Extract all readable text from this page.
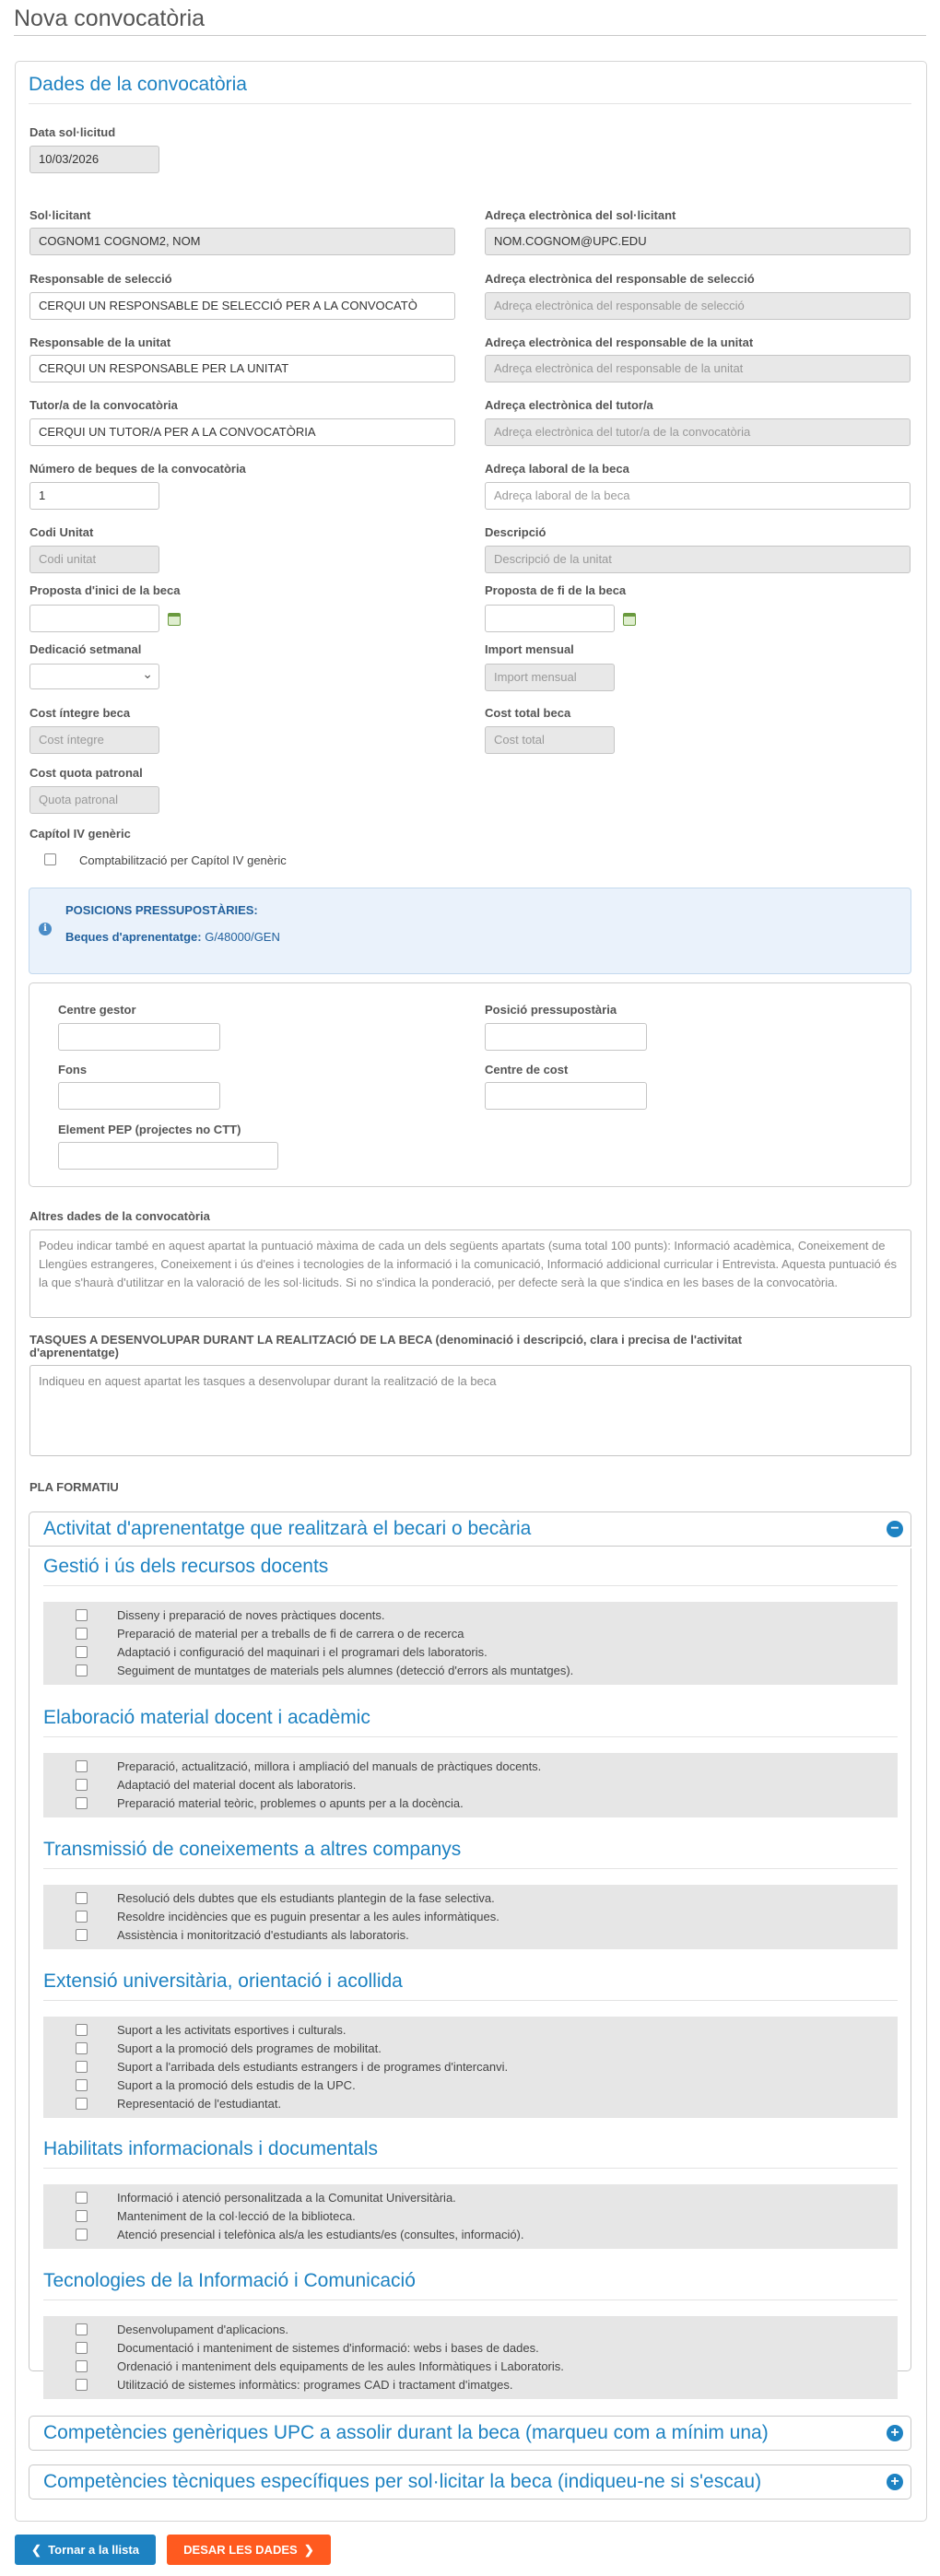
Nova convocatòria
Dades de la convocatòria
Data sol·licitud
10/03/2026
Sol·licitant
COGNOM1 COGNOM2, NOM
Adreça electrònica del sol·licitant
NOM.COGNOM@UPC.EDU
Responsable de selecció
CERQUI UN RESPONSABLE DE SELECCIÓ PER A LA CONVOCATÒ
Adreça electrònica del responsable de selecció
Adreça electrònica del responsable de selecció
Responsable de la unitat
CERQUI UN RESPONSABLE PER LA UNITAT
Adreça electrònica del responsable de la unitat
Adreça electrònica del responsable de la unitat
Tutor/a de la convocatòria
CERQUI UN TUTOR/A PER A LA CONVOCATÒRIA
Adreça electrònica del tutor/a
Adreça electrònica del tutor/a de la convocatòria
Número de beques de la convocatòria
1
Adreça laboral de la beca
Adreça laboral de la beca
Codi Unitat
Codi unitat
Descripció
Descripció de la unitat
Proposta d'inici de la beca	Proposta de fi de la beca
Dedicació setmanal
⌄	Import mensual
Import mensual
Cost íntegre beca
Cost íntegre
Cost total beca
Cost total
Cost quota patronal
Quota patronal
Capítol IV genèric
Comptabilització per Capítol IV genèric
i
POSICIONS PRESSUPOSTÀRIES:
Beques d'aprenentatge: G/48000/GEN
Centre gestor	Posició pressupostària
Fons	Centre de cost
Element PEP (projectes no CTT)
Altres dades de la convocatòria
Podeu indicar també en aquest apartat la puntuació màxima de cada un dels següents apartats (suma total 100 punts): Informació acadèmica, Coneixement de Llengües estrangeres, Coneixement i ús d'eines i tecnologies de la informació i la comunicació, Informació addicional curricular i Entrevista. Aquesta puntuació és la que s'haurà d'utilitzar en la valoració de les sol·licituds. Si no s'indica la ponderació, per defecte serà la que s'indica en les bases de la convocatòria.
TASQUES A DESENVOLUPAR DURANT LA REALITZACIÓ DE LA BECA (denominació i descripció, clara i precisa de l'activitat
d'aprenentatge)
Indiqueu en aquest apartat les tasques a desenvolupar durant la realització de la beca
PLA FORMATIU
Activitat d'aprenentatge que realitzarà el becari o becària	−
Gestió i ús dels recursos docents
Disseny i preparació de noves pràctiques docents.
Preparació de material per a treballs de fi de carrera o de recerca
Adaptació i configuració del maquinari i el programari dels laboratoris.
Seguiment de muntatges de materials pels alumnes (detecció d'errors als muntatges).
Elaboració material docent i acadèmic
Preparació, actualització, millora i ampliació del manuals de pràctiques docents.
Adaptació del material docent als laboratoris.
Preparació material teòric, problemes o apunts per a la docència.
Transmissió de coneixements a altres companys
Resolució dels dubtes que els estudiants plantegin de la fase selectiva.
Resoldre incidències que es puguin presentar a les aules informàtiques.
Assistència i monitorització d'estudiants als laboratoris.
Extensió universitària, orientació i acollida
Suport a les activitats esportives i culturals.
Suport a la promoció dels programes de mobilitat.
Suport a l'arribada dels estudiants estrangers i de programes d'intercanvi.
Suport a la promoció dels estudis de la UPC.
Representació de l'estudiantat.
Habilitats informacionals i documentals
Informació i atenció personalitzada a la Comunitat Universitària.
Manteniment de la col·lecció de la biblioteca.
Atenció presencial i telefònica als/a les estudiants/es (consultes, informació).
Tecnologies de la Informació i Comunicació
Desenvolupament d'aplicacions.
Documentació i manteniment de sistemes d'informació: webs i bases de dades.
Ordenació i manteniment dels equipaments de les aules Informàtiques i Laboratoris.
Utilització de sistemes informàtics: programes CAD i tractament d'imatges.
Competències genèriques UPC a assolir durant la beca (marqueu com a mínim una)	+
Competències tècniques específiques per sol·licitar la beca (indiqueu-ne si s'escau)	+
❮ Tornar a la llista	DESAR LES DADES ❯
